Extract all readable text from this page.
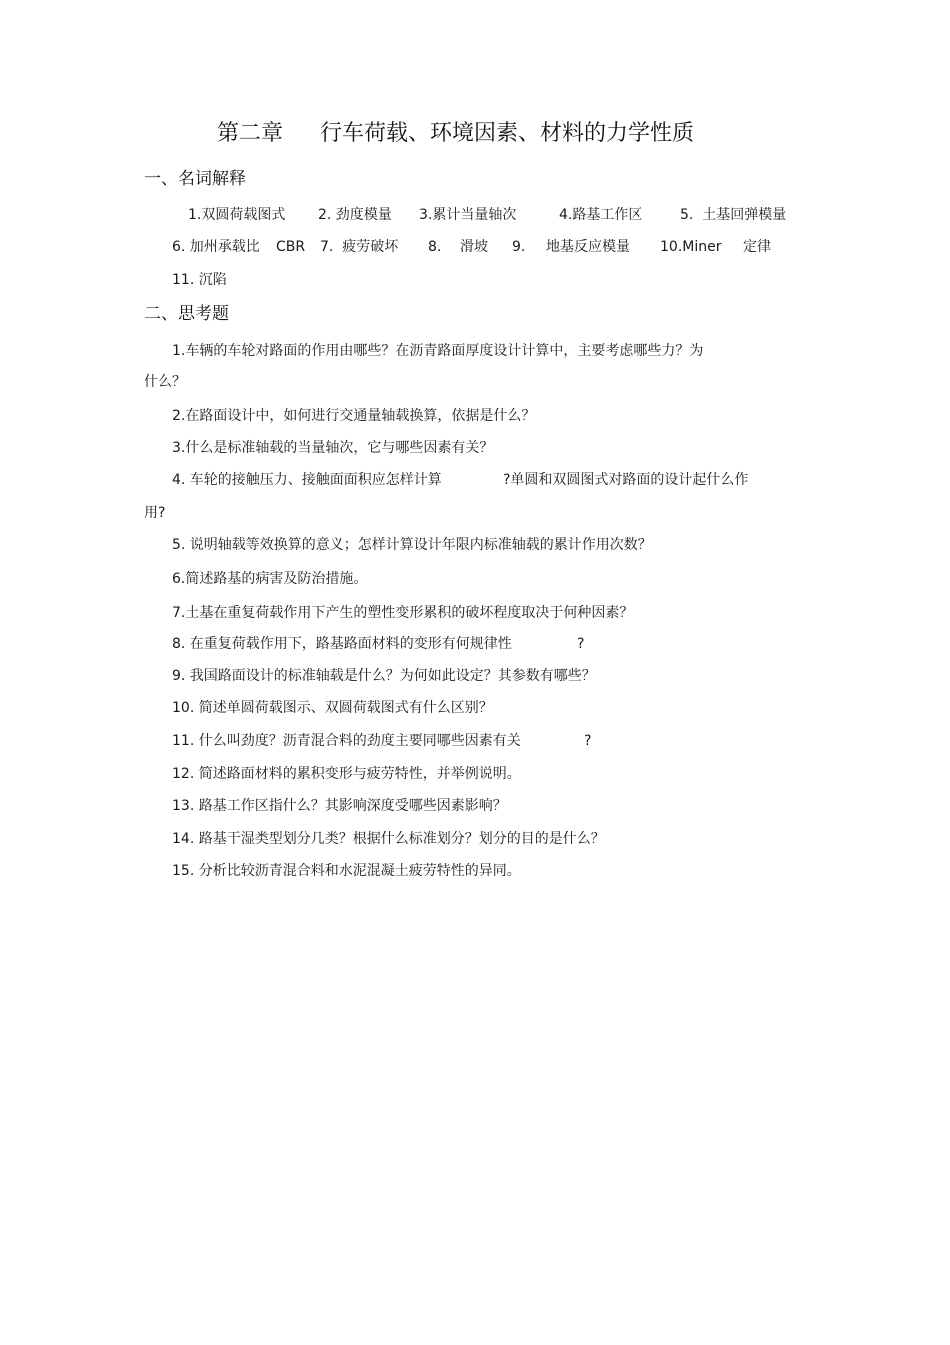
第二章 行车荷载、环境因素、材料的力学性质
一、名词解释
1.双圆荷载图式 2. 劲度模量 3.累计当量轴次	4.路基工作区	5.  土基回弹模量
6. 加州承载比 CBR 7.  疲劳破坏 8. 滑坡 9. 地基反应模量 10.Miner 定律
11. 沉陷
二、思考题
1.车辆的车轮对路面的作用由哪些？在沥青路面厚度设计计算中，主要考虑哪些力？为
什么？
2.在路面设计中，如何进行交通量轴载换算，依据是什么？
3.什么是标准轴载的当量轴次，它与哪些因素有关？
4. 车轮的接触压力、接触面面积应怎样计算	?单圆和双圆图式对路面的设计起什么作
用?
5. 说明轴载等效换算的意义；怎样计算设计年限内标准轴载的累计作用次数？
6.简述路基的病害及防治措施。
7.土基在重复荷载作用下产生的塑性变形累积的破坏程度取决于何种因素？
8. 在重复荷载作用下，路基路面材料的变形有何规律性	?
9. 我国路面设计的标准轴载是什么？为何如此设定？其参数有哪些？
10. 简述单圆荷载图示、双圆荷载图式有什么区别？
11. 什么叫劲度？沥青混合料的劲度主要同哪些因素有关	?
12. 简述路面材料的累积变形与疲劳特性，并举例说明。
13. 路基工作区指什么？其影响深度受哪些因素影响？
14. 路基干湿类型划分几类？根据什么标准划分？划分的目的是什么？
15. 分析比较沥青混合料和水泥混凝土疲劳特性的异同。
